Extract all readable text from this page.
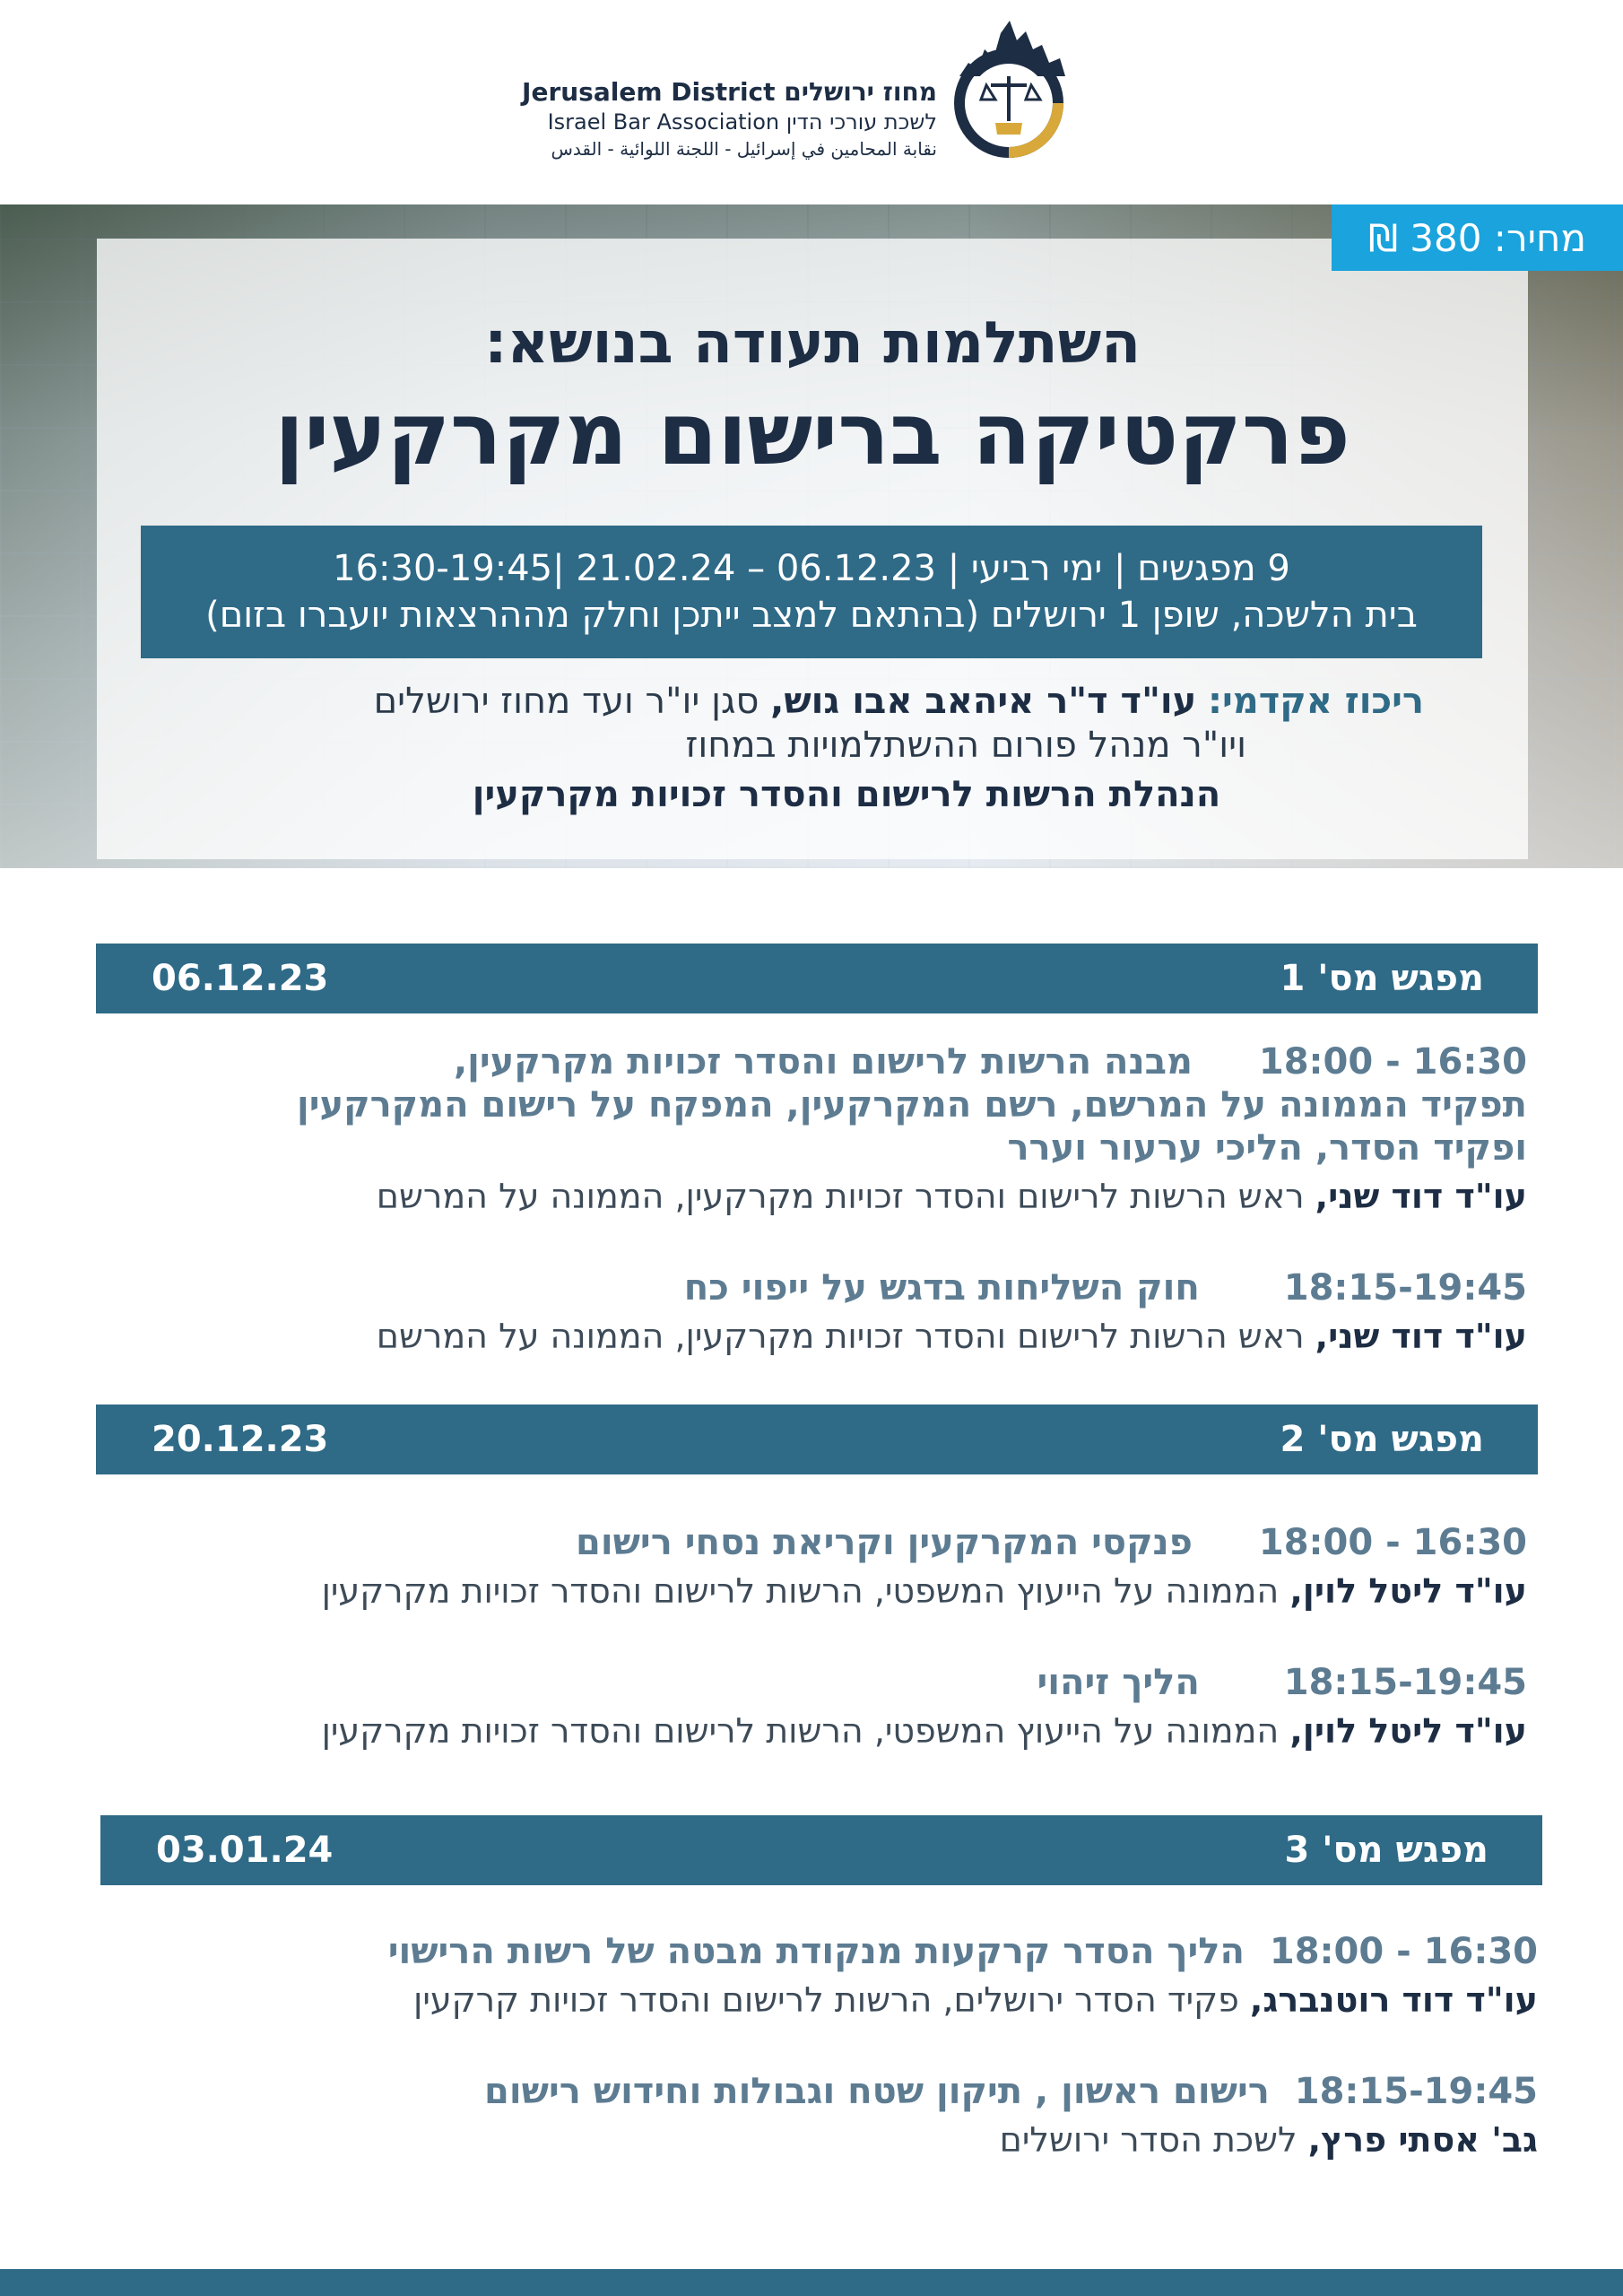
Jerusalem District מחוז ירושלים
Israel Bar Association לשכת עורכי הדין
نقابة المحامين في إسرائيل - اللجنة اللوائية - القدس
מחיר: 380 ₪
השתלמות תעודה בנושא:
פרקטיקה ברישום מקרקעין
9 מפגשים | ימי רביעי | 06.12.23 – 21.02.24 |16:30-19:45
בית הלשכה, שופן 1 ירושלים (בהתאם למצב ייתכן וחלק מההרצאות יועברו בזום)
ריכוז אקדמי: עו"ד ד"ר איהאב אבו גוש, סגן יו"ר ועד מחוז ירושלים
ויו"ר מנהל פורום ההשתלמויות במחוז
הנהלת הרשות לרישום והסדר זכויות מקרקעין
מפגש מס' 1
06.12.23
16:30 - 18:00 מבנה הרשות לרישום והסדר זכויות מקרקעין,
תפקיד הממונה על המרשם, רשם המקרקעין, המפקח על רישום המקרקעין
ופקיד הסדר, הליכי ערעור וערר
עו"ד דוד שני, ראש הרשות לרישום והסדר זכויות מקרקעין, הממונה על המרשם
18:15-19:45 חוק השליחות בדגש על ייפוי כח
עו"ד דוד שני, ראש הרשות לרישום והסדר זכויות מקרקעין, הממונה על המרשם
מפגש מס' 2
20.12.23
16:30 - 18:00 פנקסי המקרקעין וקריאת נסחי רישום
עו"ד ליטל לוין, הממונה על הייעוץ המשפטי, הרשות לרישום והסדר זכויות מקרקעין
18:15-19:45 הליך זיהוי
עו"ד ליטל לוין, הממונה על הייעוץ המשפטי, הרשות לרישום והסדר זכויות מקרקעין
מפגש מס' 3
03.01.24
16:30 - 18:00 הליך הסדר קרקעות מנקודת מבטה של רשות הרישוי
עו"ד דוד רוטנברג, פקיד הסדר ירושלים, הרשות לרישום והסדר זכויות קרקעין
18:15-19:45 רישום ראשון , תיקון שטח וגבולות וחידוש רישום
גב' אסתי פרץ, לשכת הסדר ירושלים
